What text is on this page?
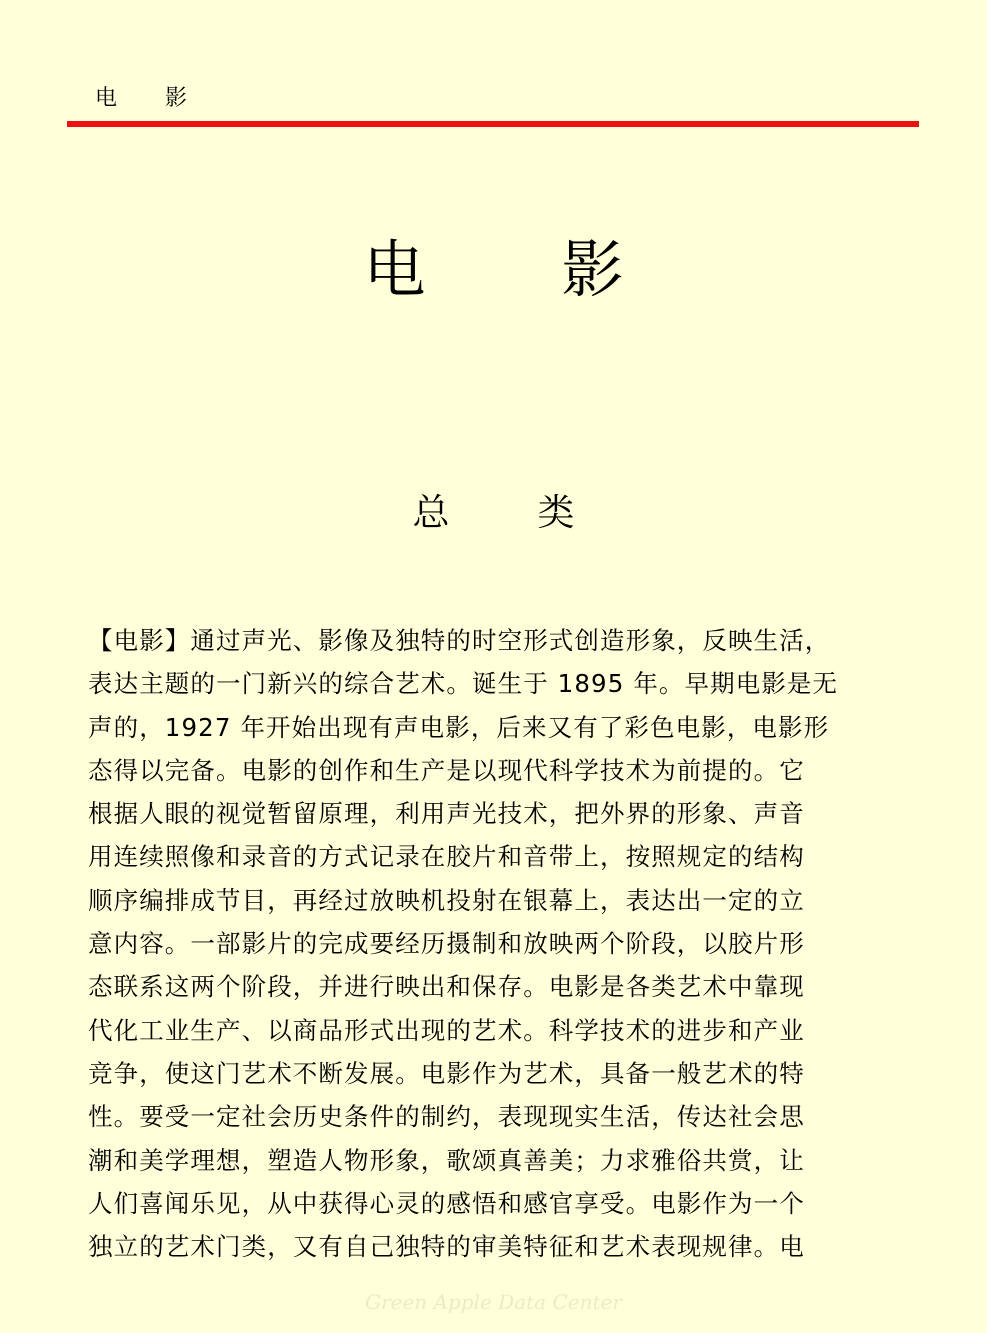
电影
电影
总类
【电影】通过声光、影像及独特的时空形式创造形象，反映生活，
表达主题的一门新兴的综合艺术。诞生于 1895 年。早期电影是无
声的，1927 年开始出现有声电影，后来又有了彩色电影，电影形
态得以完备。电影的创作和生产是以现代科学技术为前提的。它
根据人眼的视觉暂留原理，利用声光技术，把外界的形象、声音
用连续照像和录音的方式记录在胶片和音带上，按照规定的结构
顺序编排成节目，再经过放映机投射在银幕上，表达出一定的立
意内容。一部影片的完成要经历摄制和放映两个阶段，以胶片形
态联系这两个阶段，并进行映出和保存。电影是各类艺术中靠现
代化工业生产、以商品形式出现的艺术。科学技术的进步和产业
竞争，使这门艺术不断发展。电影作为艺术，具备一般艺术的特
性。要受一定社会历史条件的制约，表现现实生活，传达社会思
潮和美学理想，塑造人物形象，歌颂真善美；力求雅俗共赏，让
人们喜闻乐见，从中获得心灵的感悟和感官享受。电影作为一个
独立的艺术门类，又有自己独特的审美特征和艺术表现规律。电
Green Apple Data Center
